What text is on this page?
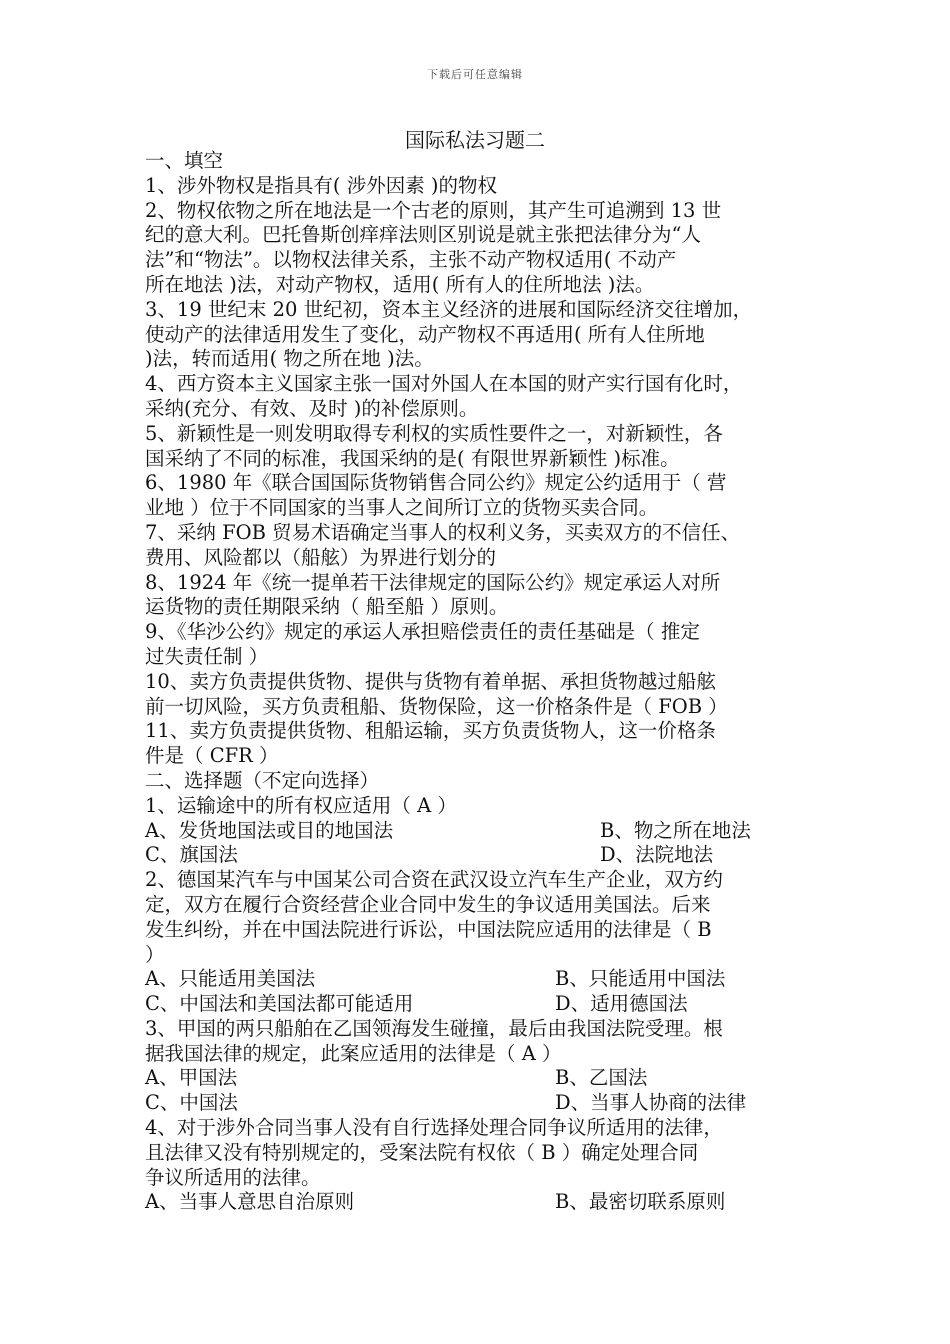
下载后可任意编辑
国际私法习题二

一、填空

1、涉外物权是指具有( 涉外因素 )的物权

2、物权依物之所在地法是一个古老的原则，其产生可追溯到 13 世

纪的意大利。巴托鲁斯创痒痒法则区别说是就主张把法律分为“人

法”和“物法”。以物权法律关系，主张不动产物权适用( 不动产

所在地法 )法，对动产物权，适用( 所有人的住所地法 )法。

3、19 世纪末 20 世纪初，资本主义经济的进展和国际经济交往增加，

使动产的法律适用发生了变化，动产物权不再适用( 所有人住所地

)法，转而适用( 物之所在地 )法。

4、西方资本主义国家主张一国对外国人在本国的财产实行国有化时，

采纳(充分、有效、及时 )的补偿原则。

5、新颖性是一则发明取得专利权的实质性要件之一，对新颖性，各

国采纳了不同的标准，我国采纳的是( 有限世界新颖性 )标准。

6、1980 年《联合国国际货物销售合同公约》规定公约适用于（ 营

业地 ）位于不同国家的当事人之间所订立的货物买卖合同。

7、采纳 FOB 贸易术语确定当事人的权利义务，买卖双方的不信任、

费用、风险都以（船舷）为界进行划分的

8、1924 年《统一提单若干法律规定的国际公约》规定承运人对所

运货物的责任期限采纳（ 船至船 ）原则。

9、《华沙公约》规定的承运人承担赔偿责任的责任基础是（ 推定

过失责任制 ）

10、卖方负责提供货物、提供与货物有着单据、承担货物越过船舷

前一切风险，买方负责租船、货物保险，这一价格条件是（ FOB ）

11、卖方负责提供货物、租船运输，买方负责货物人，这一价格条

件是（ CFR ）

二、选择题（不定向选择）

1、运输途中的所有权应适用（ A ）

A、发货地国法或目的地国法	B、物之所在地法
C、旗国法	D、法院地法

2、德国某汽车与中国某公司合资在武汉设立汽车生产企业，双方约

定，双方在履行合资经营企业合同中发生的争议适用美国法。后来

发生纠纷，并在中国法院进行诉讼，中国法院应适用的法律是（ B

）

A、只能适用美国法	B、只能适用中国法
C、中国法和美国法都可能适用	D、适用德国法

3、甲国的两只船舶在乙国领海发生碰撞，最后由我国法院受理。根

据我国法律的规定，此案应适用的法律是（ A ）

A、甲国法	B、乙国法
C、中国法	D、当事人协商的法律

4、对于涉外合同当事人没有自行选择处理合同争议所适用的法律，

且法律又没有特别规定的，受案法院有权依（ B ）确定处理合同

争议所适用的法律。

A、当事人意思自治原则	B、最密切联系原则
